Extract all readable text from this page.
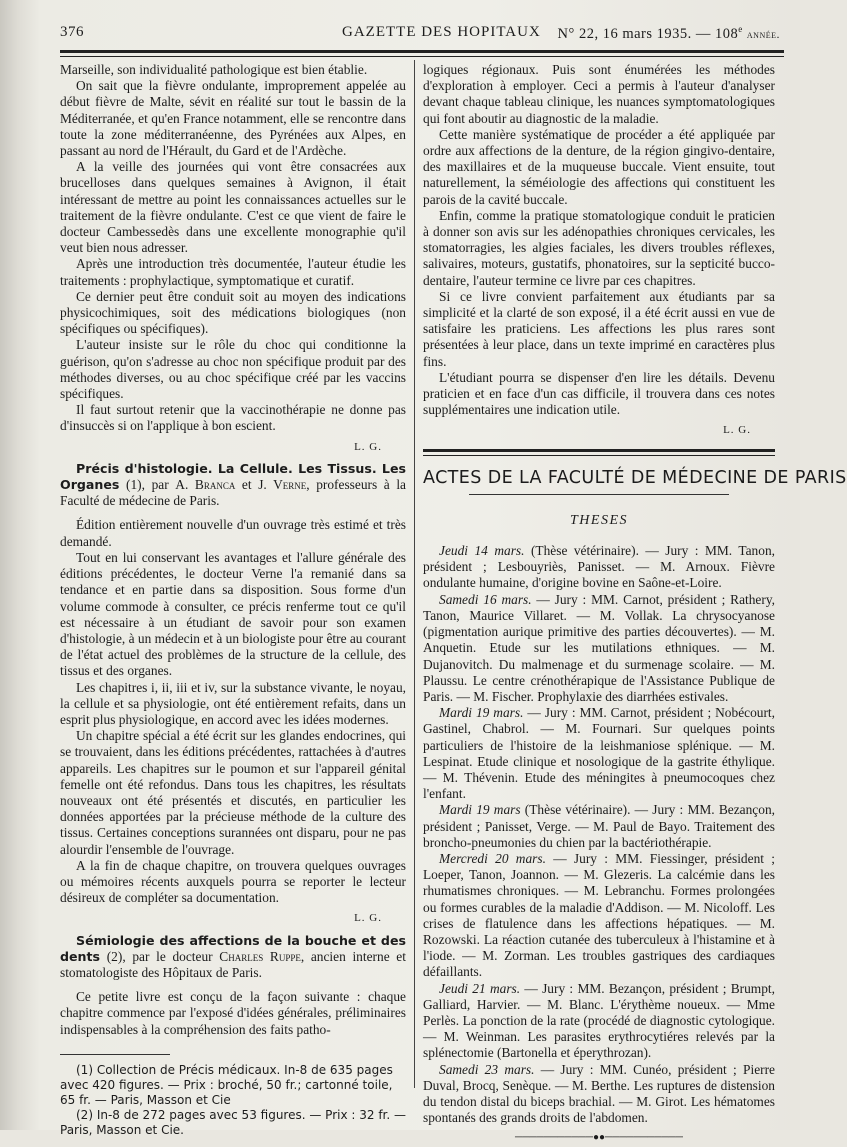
376	GAZETTE DES HOPITAUX N° 22, 16 mars 1935. — 108e année.

Marseille, son individualité pathologique est bien établie.

On sait que la fièvre ondulante, improprement appelée au début fièvre de Malte, sévit en réalité sur tout le bassin de la Méditerranée, et qu'en France notamment, elle se rencontre dans toute la zone méditerranéenne, des Pyrénées aux Alpes, en passant au nord de l'Hérault, du Gard et de l'Ardèche.

A la veille des journées qui vont être consacrées aux brucelloses dans quelques semaines à Avignon, il était intéressant de mettre au point les connaissances actuelles sur le traitement de la fièvre ondulante. C'est ce que vient de faire le docteur Cambessedès dans une excellente monographie qu'il veut bien nous adresser.

Après une introduction très documentée, l'auteur étudie les traitements : prophylactique, symptomatique et curatif.

Ce dernier peut être conduit soit au moyen des indications physicochimiques, soit des médications biologiques (non spécifiques ou spécifiques).

L'auteur insiste sur le rôle du choc qui conditionne la guérison, qu'on s'adresse au choc non spécifique produit par des méthodes diverses, ou au choc spécifique créé par les vaccins spécifiques.

Il faut surtout retenir que la vaccinothérapie ne donne pas d'insuccès si on l'applique à bon escient.

L. G.

Précis d'histologie. La Cellule. Les Tissus. Les Organes (1), par A. Branca et J. Verne, professeurs à la Faculté de médecine de Paris.

Édition entièrement nouvelle d'un ouvrage très estimé et très demandé.

Tout en lui conservant les avantages et l'allure générale des éditions précédentes, le docteur Verne l'a remanié dans sa tendance et en partie dans sa disposition. Sous forme d'un volume commode à consulter, ce précis renferme tout ce qu'il est nécessaire à un étudiant de savoir pour son examen d'histologie, à un médecin et à un biologiste pour être au courant de l'état actuel des problèmes de la structure de la cellule, des tissus et des organes.

Les chapitres i, ii, iii et iv, sur la substance vivante, le noyau, la cellule et sa physiologie, ont été entièrement refaits, dans un esprit plus physiologique, en accord avec les idées modernes.

Un chapitre spécial a été écrit sur les glandes endocrines, qui se trouvaient, dans les éditions précédentes, rattachées à d'autres appareils. Les chapitres sur le poumon et sur l'appareil génital femelle ont été refondus. Dans tous les chapitres, les résultats nouveaux ont été présentés et discutés, en particulier les données apportées par la précieuse méthode de la culture des tissus. Certaines conceptions surannées ont disparu, pour ne pas alourdir l'ensemble de l'ouvrage.

A la fin de chaque chapitre, on trouvera quelques ouvrages ou mémoires récents auxquels pourra se reporter le lecteur désireux de compléter sa documentation.

L. G.

Sémiologie des affections de la bouche et des dents (2), par le docteur Charles Ruppe, ancien interne et stomatologiste des Hôpitaux de Paris.

Ce petite livre est conçu de la façon suivante : chaque chapitre commence par l'exposé d'idées générales, préliminaires indispensables à la compréhension des faits patho-

(1) Collection de Précis médicaux. In-8 de 635 pages avec 420 figures. — Prix : broché, 50 fr.; cartonné toile, 65 fr. — Paris, Masson et Cie

(2) In-8 de 272 pages avec 53 figures. — Prix : 32 fr. — Paris, Masson et Cie.

logiques régionaux. Puis sont énumérées les méthodes d'exploration à employer. Ceci a permis à l'auteur d'analyser devant chaque tableau clinique, les nuances symptomatologiques qui font aboutir au diagnostic de la maladie.

Cette manière systématique de procéder a été appliquée par ordre aux affections de la denture, de la région gingivo-dentaire, des maxillaires et de la muqueuse buccale. Vient ensuite, tout naturellement, la séméiologie des affections qui constituent les parois de la cavité buccale.

Enfin, comme la pratique stomatologique conduit le praticien à donner son avis sur les adénopathies chroniques cervicales, les stomatorragies, les algies faciales, les divers troubles réflexes, salivaires, moteurs, gustatifs, phonatoires, sur la septicité bucco-dentaire, l'auteur termine ce livre par ces chapitres.

Si ce livre convient parfaitement aux étudiants par sa simplicité et la clarté de son exposé, il a été écrit aussi en vue de satisfaire les praticiens. Les affections les plus rares sont présentées à leur place, dans un texte imprimé en caractères plus fins.

L'étudiant pourra se dispenser d'en lire les détails. Devenu praticien et en face d'un cas difficile, il trouvera dans ces notes supplémentaires une indication utile.

L. G.
ACTES DE LA FACULTÉ DE MÉDECINE DE PARIS
THESES

Jeudi 14 mars. (Thèse vétérinaire). — Jury : MM. Tanon, président ; Lesbouyriès, Panisset. — M. Arnoux. Fièvre ondulante humaine, d'origine bovine en Saône-et-Loire.

Samedi 16 mars. — Jury : MM. Carnot, président ; Rathery, Tanon, Maurice Villaret. — M. Vollak. La chrysocyanose (pigmentation aurique primitive des parties découvertes). — M. Anquetin. Etude sur les mutilations ethniques. — M. Dujanovitch. Du malmenage et du surmenage scolaire. — M. Plaussu. Le centre crénothérapique de l'Assistance Publique de Paris. — M. Fischer. Prophylaxie des diarrhées estivales.

Mardi 19 mars. — Jury : MM. Carnot, président ; Nobécourt, Gastinel, Chabrol. — M. Fournari. Sur quelques points particuliers de l'histoire de la leishmaniose splénique. — M. Lespinat. Etude clinique et nosologique de la gastrite éthylique. — M. Thévenin. Etude des méningites à pneumocoques chez l'enfant.

Mardi 19 mars (Thèse vétérinaire). — Jury : MM. Bezançon, président ; Panisset, Verge. — M. Paul de Bayo. Traitement des broncho-pneumonies du chien par la bactériothérapie.

Mercredi 20 mars. — Jury : MM. Fiessinger, président ; Loeper, Tanon, Joannon. — M. Glezeris. La calcémie dans les rhumatismes chroniques. — M. Lebranchu. Formes prolongées ou formes curables de la maladie d'Addison. — M. Nicoloff. Les crises de flatulence dans les affections hépatiques. — M. Rozowski. La réaction cutanée des tuberculeux à l'histamine et à l'iode. — M. Zorman. Les troubles gastriques des cardiaques défaillants.

Jeudi 21 mars. — Jury : MM. Bezançon, président ; Brumpt, Galliard, Harvier. — M. Blanc. L'érythème noueux. — Mme Perlès. La ponction de la rate (procédé de diagnostic cytologique. — M. Weinman. Les parasites erythrocytiéres relevés par la splénectomie (Bartonella et éperythrozan).

Samedi 23 mars. — Jury : MM. Cunéo, président ; Pierre Duval, Brocq, Senèque. — M. Berthe. Les ruptures de distension du tendon distal du biceps brachial. — M. Girot. Les hématomes spontanés des grands droits de l'abdomen.

───────────●●───────────
